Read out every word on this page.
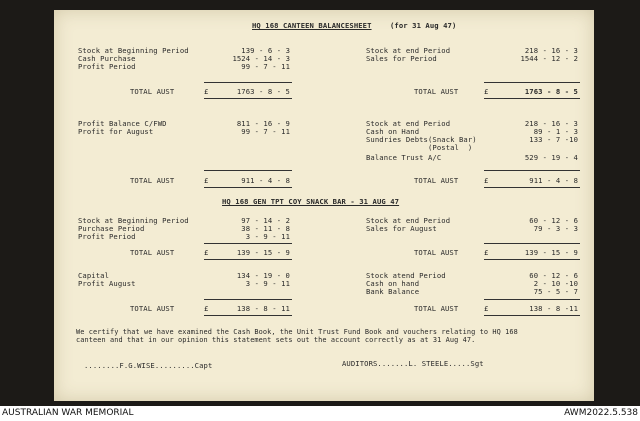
HQ 168 CANTEEN BALANCESHEET	(for 31 Aug 47)
Stock at Beginning Period	139 - 6 - 3
Cash Purchase	1524 - 14 - 3
Profit Period	99 - 7 - 11
Stock at end Period	218 - 16 - 3
Sales for Period	1544 - 12 - 2
TOTAL AUST	£	1763 - 8 - 5	TOTAL AUST	£	1763 - 8 - 5
Profit Balance C/FWD	811 - 16 - 9
Profit for August	99 - 7 - 11
Stock at end Period	218 - 16 - 3
Cash on Hand	89 - 1 - 3
Sundries Debts(Snack Bar)	133 - 7 -10
(Postal  )
Balance Trust A/C	529 - 19 - 4
TOTAL AUST	£	911 - 4 - 8	TOTAL AUST	£	911 - 4 - 8
HQ 168 GEN TPT COY SNACK BAR - 31 AUG 47
Stock at Beginning Period	97 - 14 - 2
Purchase Period	38 - 11 - 8
Profit Period	3 - 9 - 11
Stock at end Period	60 - 12 - 6
Sales for August	79 - 3 - 3
TOTAL AUST	£	139 - 15 - 9	TOTAL AUST	£	139 - 15 - 9
Capital	134 - 19 - 0
Profit August	3 - 9 - 11
Stock atend Period	60 - 12 - 6
Cash on hand	2 - 10 -10
Bank Balance	75 - 5 - 7
TOTAL AUST	£	138 - 8 - 11	TOTAL AUST	£	138 - 8 -11
We certify that we have examined the Cash Book, the Unit Trust Fund Book and vouchers relating to HQ 168
canteen and that in our opinion this statement sets out the account correctly as at 31 Aug 47.
........F.G.WISE.........Capt	AUDITORS.......L. STEELE.....Sgt
AUSTRALIAN WAR MEMORIAL	AWM2022.5.538
